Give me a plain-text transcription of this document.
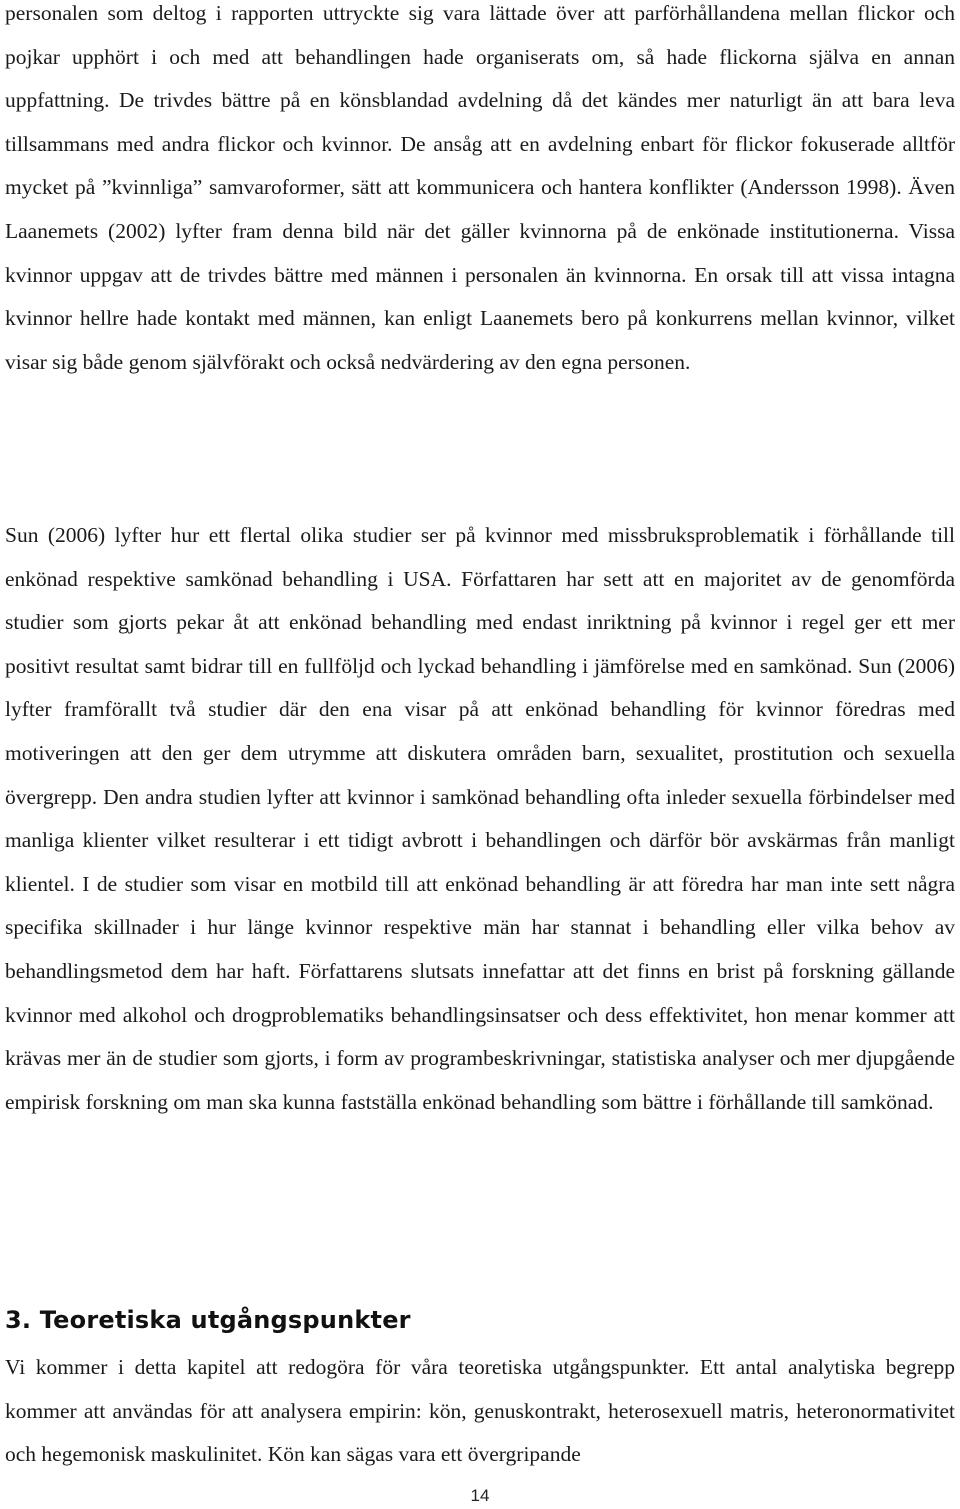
personalen som deltog i rapporten uttryckte sig vara lättade över att parförhållandena mellan flickor och pojkar upphört i och med att behandlingen hade organiserats om, så hade flickorna själva en annan uppfattning. De trivdes bättre på en könsblandad avdelning då det kändes mer naturligt än att bara leva tillsammans med andra flickor och kvinnor. De ansåg att en avdelning enbart för flickor fokuserade alltför mycket på ”kvinnliga” samvaroformer, sätt att kommunicera och hantera konflikter (Andersson 1998). Även Laanemets (2002) lyfter fram denna bild när det gäller kvinnorna på de enkönade institutionerna. Vissa kvinnor uppgav att de trivdes bättre med männen i personalen än kvinnorna. En orsak till att vissa intagna kvinnor hellre hade kontakt med männen, kan enligt Laanemets bero på konkurrens mellan kvinnor, vilket visar sig både genom självförakt och också nedvärdering av den egna personen.

Sun (2006) lyfter hur ett flertal olika studier ser på kvinnor med missbruksproblematik i förhållande till enkönad respektive samkönad behandling i USA. Författaren har sett att en majoritet av de genomförda studier som gjorts pekar åt att enkönad behandling med endast inriktning på kvinnor i regel ger ett mer positivt resultat samt bidrar till en fullföljd och lyckad behandling i jämförelse med en samkönad. Sun (2006) lyfter framförallt två studier där den ena visar på att enkönad behandling för kvinnor föredras med motiveringen att den ger dem utrymme att diskutera områden barn, sexualitet, prostitution och sexuella övergrepp. Den andra studien lyfter att kvinnor i samkönad behandling ofta inleder sexuella förbindelser med manliga klienter vilket resulterar i ett tidigt avbrott i behandlingen och därför bör avskärmas från manligt klientel. I de studier som visar en motbild till att enkönad behandling är att föredra har man inte sett några specifika skillnader i hur länge kvinnor respektive män har stannat i behandling eller vilka behov av behandlingsmetod dem har haft. Författarens slutsats innefattar att det finns en brist på forskning gällande kvinnor med alkohol och drogproblematiks behandlingsinsatser och dess effektivitet, hon menar kommer att krävas mer än de studier som gjorts, i form av programbeskrivningar, statistiska analyser och mer djupgående empirisk forskning om man ska kunna fastställa enkönad behandling som bättre i förhållande till samkönad.

3. Teoretiska utgångspunkter

Vi kommer i detta kapitel att redogöra för våra teoretiska utgångspunkter. Ett antal analytiska begrepp kommer att användas för att analysera empirin: kön, genuskontrakt, heterosexuell matris, heteronormativitet och hegemonisk maskulinitet. Kön kan sägas vara ett övergripande

14
